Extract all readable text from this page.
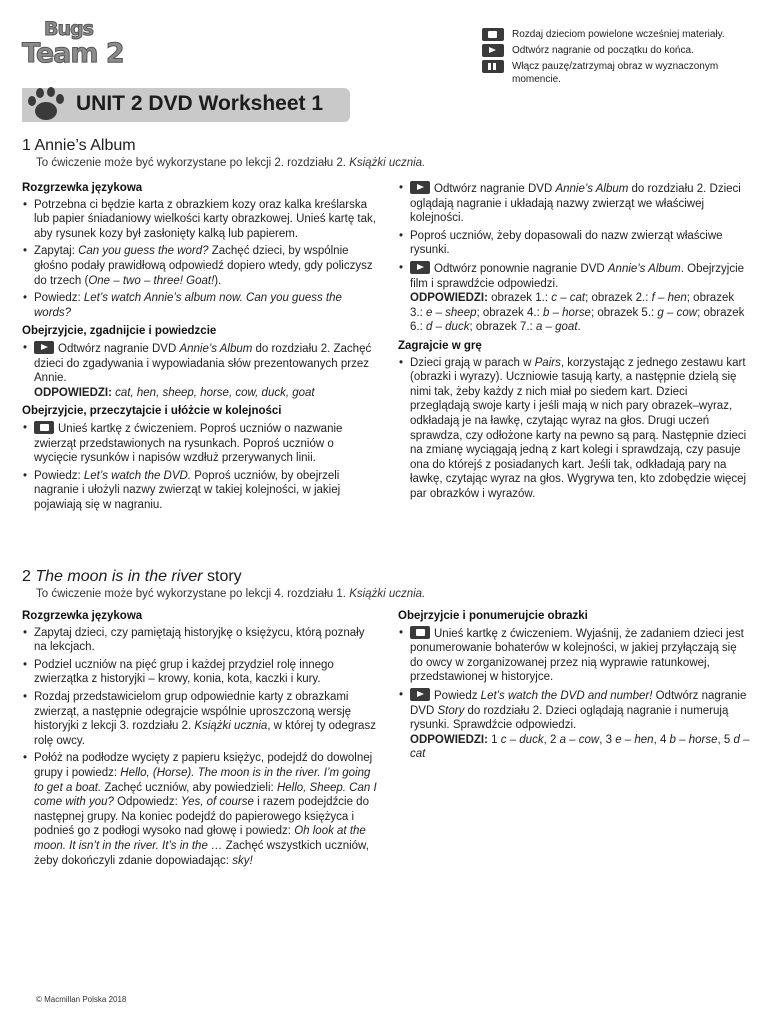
Bugs
Team 2
Rozdaj dzieciom powielone wcześniej materiały.
Odtwórz nagranie od początku do końca.
Włącz pauzę/zatrzymaj obraz w wyznaczonym momencie.
UNIT 2 DVD Worksheet 1
1 Annie’s Album
To ćwiczenie może być wykorzystane po lekcji 2. rozdziału 2. Książki ucznia.
Rozgrzewka językowa
• Potrzebna ci będzie karta z obrazkiem kozy oraz kalka kreślarska lub papier śniadaniowy wielkości karty obrazkowej. Unieś kartę tak, aby rysunek kozy był zasłonięty kalką lub papierem.
• Zapytaj: Can you guess the word? Zachęć dzieci, by wspólnie głośno podały prawidłową odpowiedź dopiero wtedy, gdy policzysz do trzech (One – two – three! Goat!).
• Powiedz: Let’s watch Annie’s album now. Can you guess the words?
Obejrzyjcie, zgadnijcie i powiedzcie
• Odtwórz nagranie DVD Annie’s Album do rozdziału 2. Zachęć dzieci do zgadywania i wypowiadania słów prezentowanych przez Annie.
ODPOWIEDZI: cat, hen, sheep, horse, cow, duck, goat
Obejrzyjcie, przeczytajcie i ułóżcie w kolejności
• Unieś kartkę z ćwiczeniem. Poproś uczniów o nazwanie zwierząt przedstawionych na rysunkach. Poproś uczniów o wycięcie rysunków i napisów wzdłuż przerywanych linii.
• Powiedz: Let’s watch the DVD. Poproś uczniów, by obejrzeli nagranie i ułożyli nazwy zwierząt w takiej kolejności, w jakiej pojawiają się w nagraniu.
• Odtwórz nagranie DVD Annie’s Album do rozdziału 2. Dzieci oglądają nagranie i układają nazwy zwierząt we właściwej kolejności.
• Poproś uczniów, żeby dopasowali do nazw zwierząt właściwe rysunki.
• Odtwórz ponownie nagranie DVD Annie’s Album. Obejrzyjcie film i sprawdźcie odpowiedzi.
ODPOWIEDZI: obrazek 1.: c – cat; obrazek 2.: f – hen; obrazek 3.: e – sheep; obrazek 4.: b – horse; obrazek 5.: g – cow; obrazek 6.: d – duck; obrazek 7.: a – goat.
Zagrajcie w grę
• Dzieci grają w parach w Pairs, korzystając z jednego zestawu kart (obrazki i wyrazy). Uczniowie tasują karty, a następnie dzielą się nimi tak, żeby każdy z nich miał po siedem kart. Dzieci przeglądają swoje karty i jeśli mają w nich pary obrazek–wyraz, odkładają je na ławkę, czytając wyraz na głos. Drugi uczeń sprawdza, czy odłożone karty na pewno są parą. Następnie dzieci na zmianę wyciągają jedną z kart kolegi i sprawdzają, czy pasuje ona do którejś z posiadanych kart. Jeśli tak, odkładają pary na ławkę, czytając wyraz na głos. Wygrywa ten, kto zdobędzie więcej par obrazków i wyrazów.
2 The moon is in the river story
To ćwiczenie może być wykorzystane po lekcji 4. rozdziału 1. Książki ucznia.
Rozgrzewka językowa
• Zapytaj dzieci, czy pamiętają historyjkę o księżycu, którą poznały na lekcjach.
• Podziel uczniów na pięć grup i każdej przydziel rolę innego zwierzątka z historyjki – krowy, konia, kota, kaczki i kury.
• Rozdaj przedstawicielom grup odpowiednie karty z obrazkami zwierząt, a następnie odegrajcie wspólnie uproszczoną wersję historyjki z lekcji 3. rozdziału 2. Książki ucznia, w której ty odegrasz rolę owcy.
• Połóż na podłodze wycięty z papieru księżyc, podejdź do dowolnej grupy i powiedz: Hello, (Horse). The moon is in the river. I’m going to get a boat. Zachęć uczniów, aby powiedzieli: Hello, Sheep. Can I come with you? Odpowiedz: Yes, of course i razem podejdźcie do następnej grupy. Na koniec podejdź do papierowego księżyca i podnieś go z podłogi wysoko nad głowę i powiedz: Oh look at the moon. It isn’t in the river. It’s in the … Zachęć wszystkich uczniów, żeby dokończyli zdanie dopowiadając: sky!
Obejrzyjcie i ponumerujcie obrazki
• Unieś kartkę z ćwiczeniem. Wyjaśnij, że zadaniem dzieci jest ponumerowanie bohaterów w kolejności, w jakiej przyłączają się do owcy w zorganizowanej przez nią wyprawie ratunkowej, przedstawionej w historyjce.
• Powiedz Let’s watch the DVD and number! Odtwórz nagranie DVD Story do rozdziału 2. Dzieci oglądają nagranie i numerują rysunki. Sprawdźcie odpowiedzi.
ODPOWIEDZI: 1 c – duck, 2 a – cow, 3 e – hen, 4 b – horse, 5 d – cat
© Macmillan Polska 2018
